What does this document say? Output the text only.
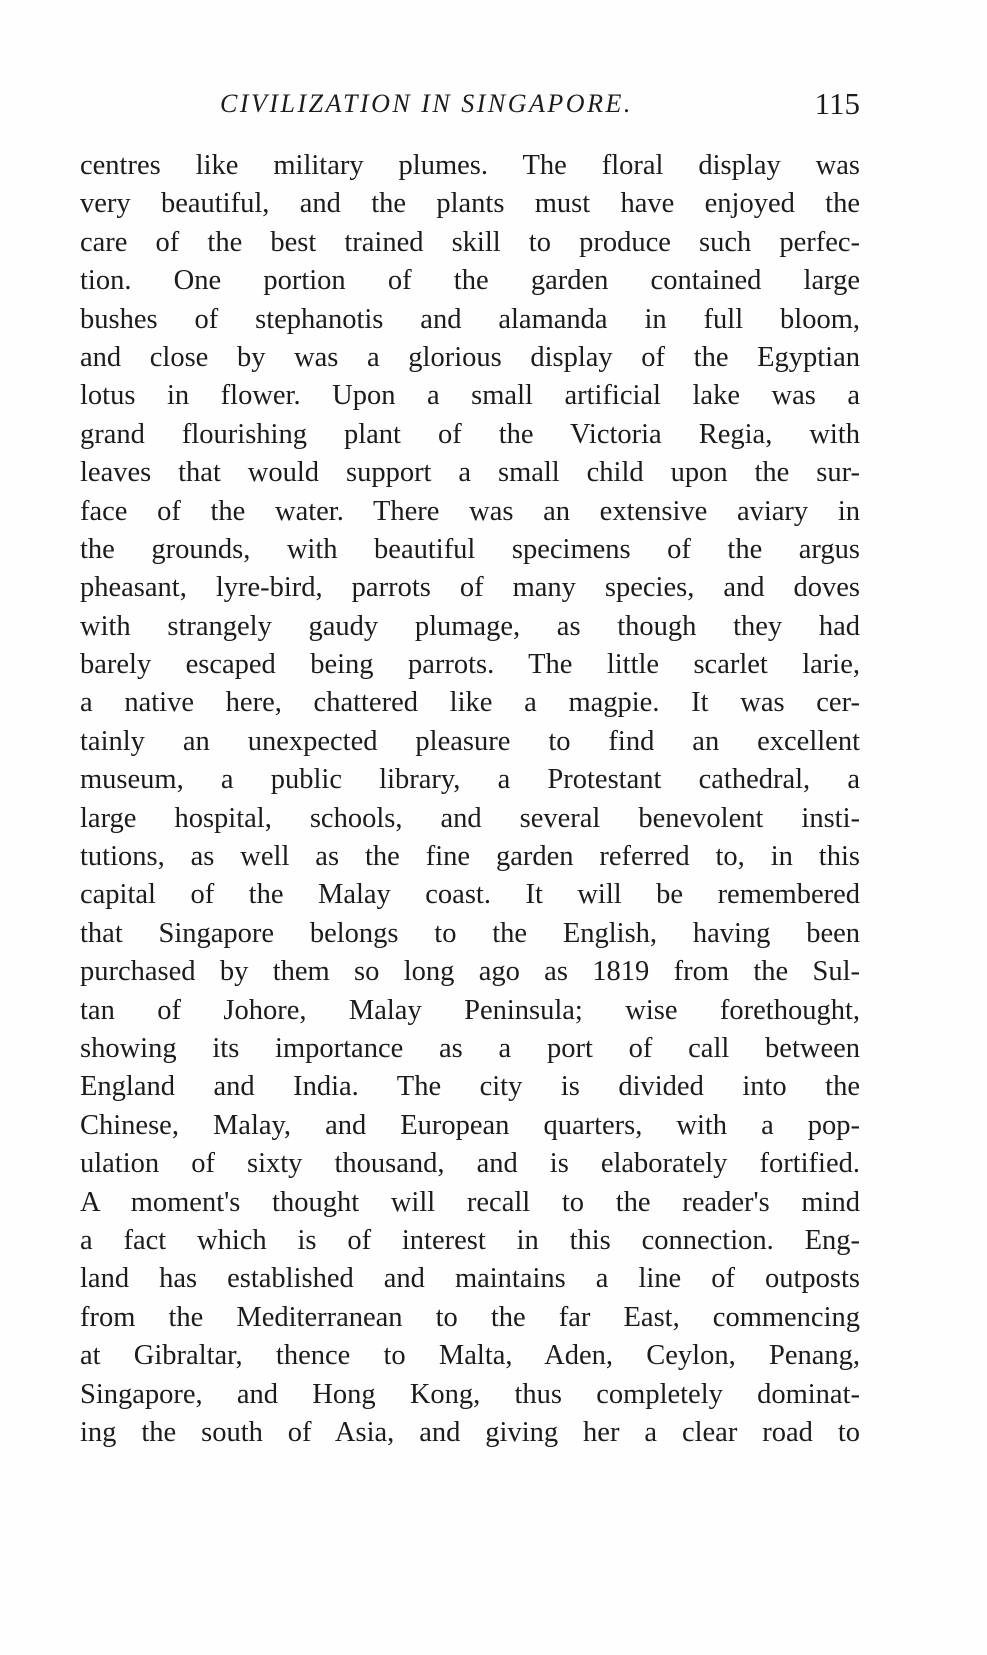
CIVILIZATION IN SINGAPORE.	115
centres like military plumes. The floral display was
very beautiful, and the plants must have enjoyed the
care of the best trained skill to produce such perfec-
tion. One portion of the garden contained large
bushes of stephanotis and alamanda in full bloom,
and close by was a glorious display of the Egyptian
lotus in flower. Upon a small artificial lake was a
grand flourishing plant of the Victoria Regia, with
leaves that would support a small child upon the sur-
face of the water. There was an extensive aviary in
the grounds, with beautiful specimens of the argus
pheasant, lyre-bird, parrots of many species, and doves
with strangely gaudy plumage, as though they had
barely escaped being parrots. The little scarlet larie,
a native here, chattered like a magpie. It was cer-
tainly an unexpected pleasure to find an excellent
museum, a public library, a Protestant cathedral, a
large hospital, schools, and several benevolent insti-
tutions, as well as the fine garden referred to, in this
capital of the Malay coast. It will be remembered
that Singapore belongs to the English, having been
purchased by them so long ago as 1819 from the Sul-
tan of Johore, Malay Peninsula; wise forethought,
showing its importance as a port of call between
England and India. The city is divided into the
Chinese, Malay, and European quarters, with a pop-
ulation of sixty thousand, and is elaborately fortified.
A moment's thought will recall to the reader's mind
a fact which is of interest in this connection. Eng-
land has established and maintains a line of outposts
from the Mediterranean to the far East, commencing
at Gibraltar, thence to Malta, Aden, Ceylon, Penang,
Singapore, and Hong Kong, thus completely dominat-
ing the south of Asia, and giving her a clear road to
